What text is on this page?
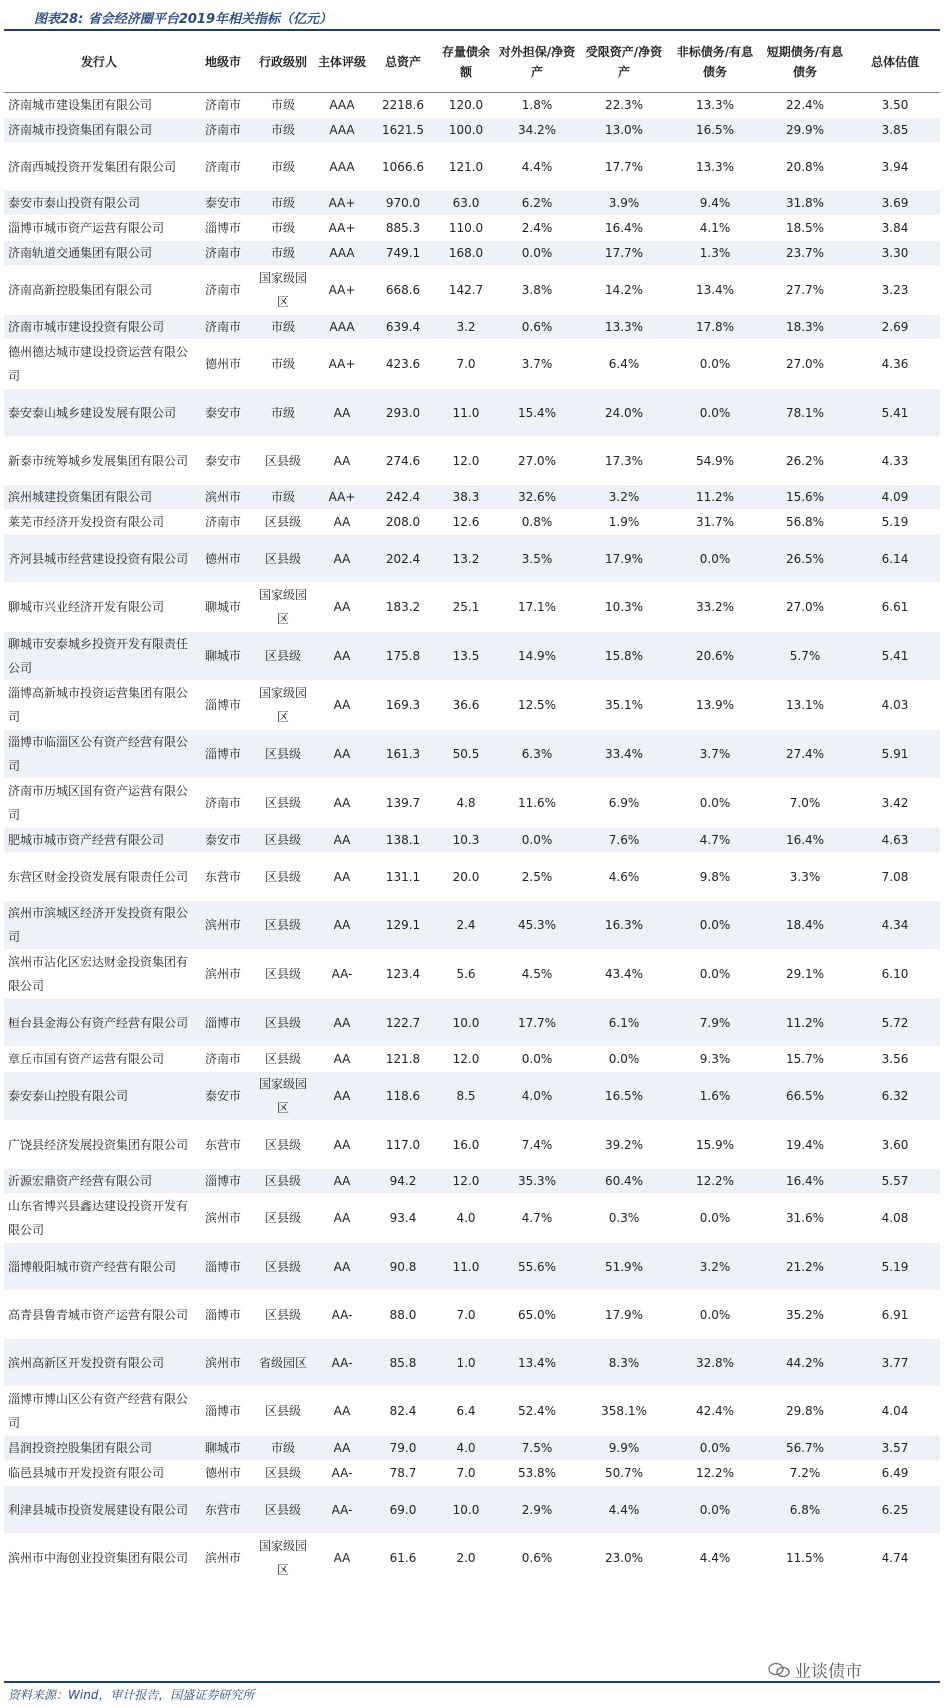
图表28: 省会经济圈平台2019年相关指标（亿元）
发行人	地级市	行政级别	主体评级	总资产	存量债余额	对外担保/净资产	受限资产/净资产	非标债务/有息债务	短期债务/有息债务	总体估值
济南城市建设集团有限公司	济南市	市级	AAA	2218.6	120.0	1.8%	22.3%	13.3%	22.4%	3.50
济南城市投资集团有限公司	济南市	市级	AAA	1621.5	100.0	34.2%	13.0%	16.5%	29.9%	3.85
济南西城投资开发集团有限公司	济南市	市级	AAA	1066.6	121.0	4.4%	17.7%	13.3%	20.8%	3.94
泰安市泰山投资有限公司	泰安市	市级	AA+	970.0	63.0	6.2%	3.9%	9.4%	31.8%	3.69
淄博市城市资产运营有限公司	淄博市	市级	AA+	885.3	110.0	2.4%	16.4%	4.1%	18.5%	3.84
济南轨道交通集团有限公司	济南市	市级	AAA	749.1	168.0	0.0%	17.7%	1.3%	23.7%	3.30
济南高新控股集团有限公司	济南市	国家级园区	AA+	668.6	142.7	3.8%	14.2%	13.4%	27.7%	3.23
济南市城市建设投资有限公司	济南市	市级	AAA	639.4	3.2	0.6%	13.3%	17.8%	18.3%	2.69
德州德达城市建设投资运营有限公司	德州市	市级	AA+	423.6	7.0	3.7%	6.4%	0.0%	27.0%	4.36
泰安泰山城乡建设发展有限公司	泰安市	市级	AA	293.0	11.0	15.4%	24.0%	0.0%	78.1%	5.41
新泰市统筹城乡发展集团有限公司	泰安市	区县级	AA	274.6	12.0	27.0%	17.3%	54.9%	26.2%	4.33
滨州城建投资集团有限公司	滨州市	市级	AA+	242.4	38.3	32.6%	3.2%	11.2%	15.6%	4.09
莱芜市经济开发投资有限公司	济南市	区县级	AA	208.0	12.6	0.8%	1.9%	31.7%	56.8%	5.19
齐河县城市经营建设投资有限公司	德州市	区县级	AA	202.4	13.2	3.5%	17.9%	0.0%	26.5%	6.14
聊城市兴业经济开发有限公司	聊城市	国家级园区	AA	183.2	25.1	17.1%	10.3%	33.2%	27.0%	6.61
聊城市安泰城乡投资开发有限责任公司	聊城市	区县级	AA	175.8	13.5	14.9%	15.8%	20.6%	5.7%	5.41
淄博高新城市投资运营集团有限公司	淄博市	国家级园区	AA	169.3	36.6	12.5%	35.1%	13.9%	13.1%	4.03
淄博市临淄区公有资产经营有限公司	淄博市	区县级	AA	161.3	50.5	6.3%	33.4%	3.7%	27.4%	5.91
济南市历城区国有资产运营有限公司	济南市	区县级	AA	139.7	4.8	11.6%	6.9%	0.0%	7.0%	3.42
肥城市城市资产经营有限公司	泰安市	区县级	AA	138.1	10.3	0.0%	7.6%	4.7%	16.4%	4.63
东营区财金投资发展有限责任公司	东营市	区县级	AA	131.1	20.0	2.5%	4.6%	9.8%	3.3%	7.08
滨州市滨城区经济开发投资有限公司	滨州市	区县级	AA	129.1	2.4	45.3%	16.3%	0.0%	18.4%	4.34
滨州市沾化区宏达财金投资集团有限公司	滨州市	区县级	AA-	123.4	5.6	4.5%	43.4%	0.0%	29.1%	6.10
桓台县金海公有资产经营有限公司	淄博市	区县级	AA	122.7	10.0	17.7%	6.1%	7.9%	11.2%	5.72
章丘市国有资产运营有限公司	济南市	区县级	AA	121.8	12.0	0.0%	0.0%	9.3%	15.7%	3.56
泰安泰山控股有限公司	泰安市	国家级园区	AA	118.6	8.5	4.0%	16.5%	1.6%	66.5%	6.32
广饶县经济发展投资集团有限公司	东营市	区县级	AA	117.0	16.0	7.4%	39.2%	15.9%	19.4%	3.60
沂源宏鼎资产经营有限公司	淄博市	区县级	AA	94.2	12.0	35.3%	60.4%	12.2%	16.4%	5.57
山东省博兴县鑫达建设投资开发有限公司	滨州市	区县级	AA	93.4	4.0	4.7%	0.3%	0.0%	31.6%	4.08
淄博般阳城市资产经营有限公司	淄博市	区县级	AA	90.8	11.0	55.6%	51.9%	3.2%	21.2%	5.19
高青县鲁青城市资产运营有限公司	淄博市	区县级	AA-	88.0	7.0	65.0%	17.9%	0.0%	35.2%	6.91
滨州高新区开发投资有限公司	滨州市	省级园区	AA-	85.8	1.0	13.4%	8.3%	32.8%	44.2%	3.77
淄博市博山区公有资产经营有限公司	淄博市	区县级	AA	82.4	6.4	52.4%	358.1%	42.4%	29.8%	4.04
昌润投资控股集团有限公司	聊城市	市级	AA	79.0	4.0	7.5%	9.9%	0.0%	56.7%	3.57
临邑县城市开发投资有限公司	德州市	区县级	AA-	78.7	7.0	53.8%	50.7%	12.2%	7.2%	6.49
利津县城市投资发展建设有限公司	东营市	区县级	AA-	69.0	10.0	2.9%	4.4%	0.0%	6.8%	6.25
滨州市中海创业投资集团有限公司	滨州市	国家级园区	AA	61.6	2.0	0.6%	23.0%	4.4%	11.5%	4.74
资料来源：Wind，审计报告，国盛证券研究所
业谈债市
